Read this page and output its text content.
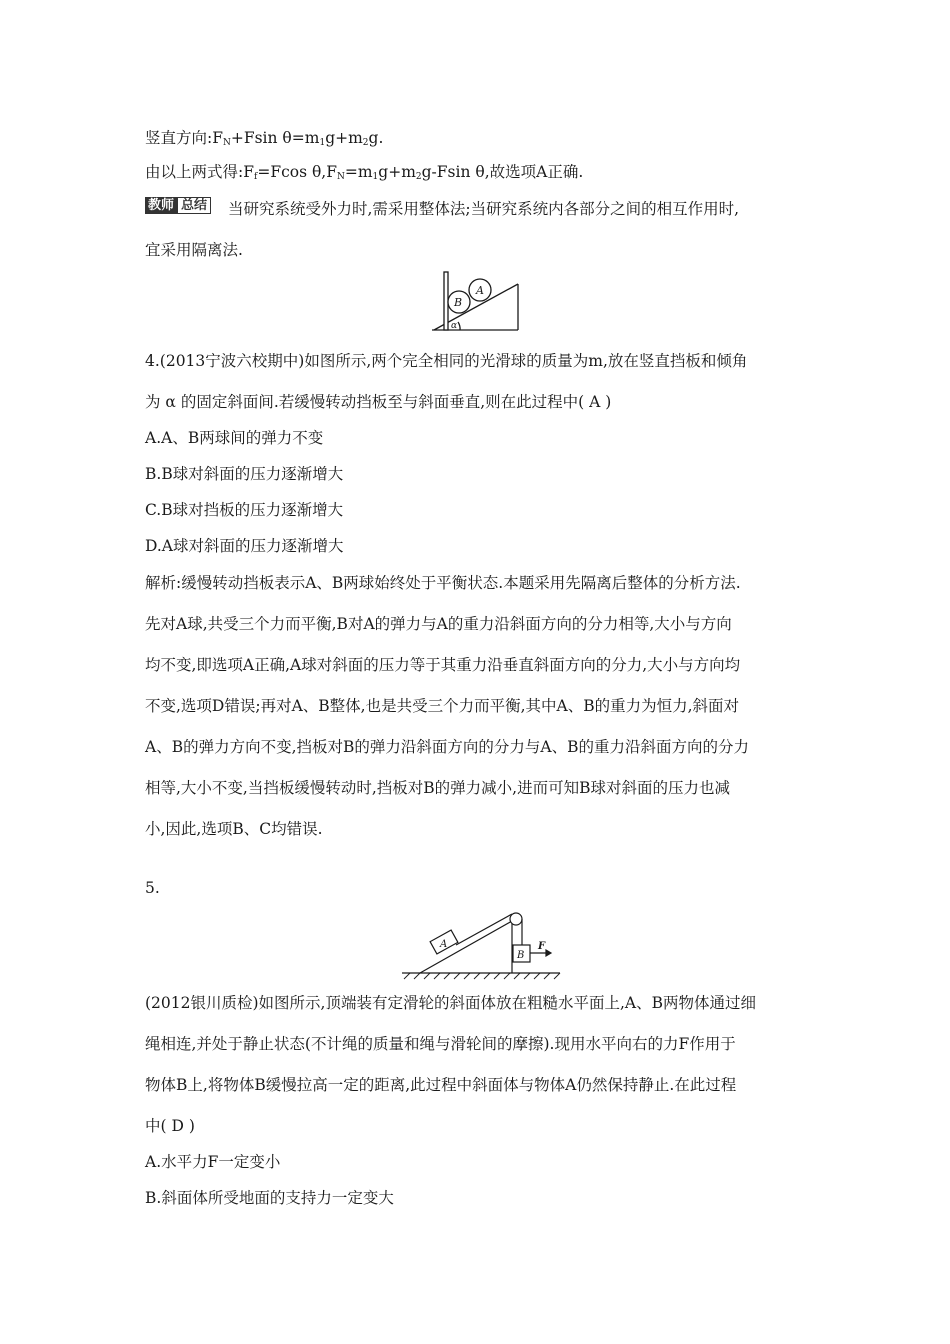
竖直方向$:F_N+Fsin$ $\theta=m_1g+m_2g$.
由以上两式得$:F_f=Fcos$ $\theta,F_N=m_1g+m_2g$-Fsin θ,故选项A正确.
教师 总结 当研究系统受外力时,需采用整体法;当研究系统内各部分之间的相互作用时,
宜采用隔离法.
A
B
α
4.(2013宁波六校期中)如图所示,两个完全相同的光滑球的质量为m,放在竖直挡板和倾角
为 α 的固定斜面间.若缓慢转动挡板至与斜面垂直,则在此过程中( A )
A.A、B两球间的弹力不变
B.B球对斜面的压力逐渐增大
C.B球对挡板的压力逐渐增大
D.A球对斜面的压力逐渐增大
解析:缓慢转动挡板表示A、B两球始终处于平衡状态.本题采用先隔离后整体的分析方法.
先对A球,共受三个力而平衡,B对A的弹力与A的重力沿斜面方向的分力相等,大小与方向
均不变,即选项A正确,A球对斜面的压力等于其重力沿垂直斜面方向的分力,大小与方向均
不变,选项D错误;再对A、B整体,也是共受三个力而平衡,其中A、B的重力为恒力,斜面对
A、B的弹力方向不变,挡板对B的弹力沿斜面方向的分力与A、B的重力沿斜面方向的分力
相等,大小不变,当挡板缓慢转动时,挡板对B的弹力减小,进而可知B球对斜面的压力也减
小,因此,选项B、C均错误.
5.
A
B
F
(2012银川质检)如图所示,顶端装有定滑轮的斜面体放在粗糙水平面上,A、B两物体通过细
绳相连,并处于静止状态(不计绳的质量和绳与滑轮间的摩擦).现用水平向右的力F作用于
物体B上,将物体B缓慢拉高一定的距离,此过程中斜面体与物体A仍然保持静止.在此过程
中( D )
A.水平力F一定变小
B.斜面体所受地面的支持力一定变大
